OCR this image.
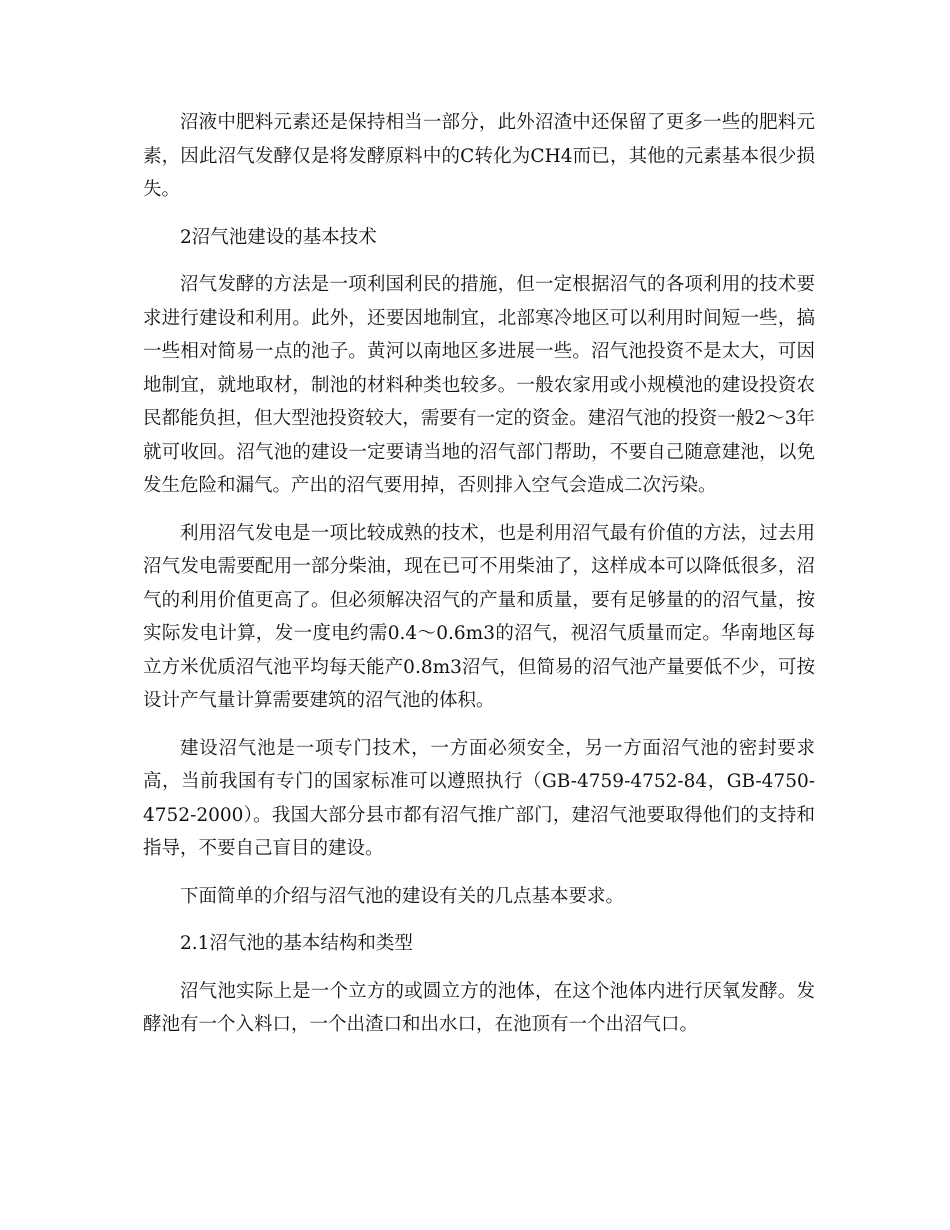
沼液中肥料元素还是保持相当一部分，此外沼渣中还保留了更多一些的肥料元素，因此沼气发酵仅是将发酵原料中的C转化为CH4而已，其他的元素基本很少损失。

2沼气池建设的基本技术

沼气发酵的方法是一项利国利民的措施，但一定根据沼气的各项利用的技术要求进行建设和利用。此外，还要因地制宜，北部寒冷地区可以利用时间短一些，搞一些相对简易一点的池子。黄河以南地区多进展一些。沼气池投资不是太大，可因地制宜，就地取材，制池的材料种类也较多。一般农家用或小规模池的建设投资农民都能负担，但大型池投资较大，需要有一定的资金。建沼气池的投资一般2～3年就可收回。沼气池的建设一定要请当地的沼气部门帮助，不要自己随意建池，以免发生危险和漏气。产出的沼气要用掉，否则排入空气会造成二次污染。

利用沼气发电是一项比较成熟的技术，也是利用沼气最有价值的方法，过去用沼气发电需要配用一部分柴油，现在已可不用柴油了，这样成本可以降低很多，沼气的利用价值更高了。但必须解决沼气的产量和质量，要有足够量的的沼气量，按实际发电计算，发一度电约需0.4～0.6m3的沼气，视沼气质量而定。华南地区每立方米优质沼气池平均每天能产0.8m3沼气，但简易的沼气池产量要低不少，可按设计产气量计算需要建筑的沼气池的体积。

建设沼气池是一项专门技术，一方面必须安全，另一方面沼气池的密封要求高，当前我国有专门的国家标准可以遵照执行（GB-4759-4752-84，GB-4750-4752-2000）。我国大部分县市都有沼气推广部门，建沼气池要取得他们的支持和指导，不要自己盲目的建设。

下面简单的介绍与沼气池的建设有关的几点基本要求。

2.1沼气池的基本结构和类型

沼气池实际上是一个立方的或圆立方的池体，在这个池体内进行厌氧发酵。发酵池有一个入料口，一个出渣口和出水口，在池顶有一个出沼气口。
